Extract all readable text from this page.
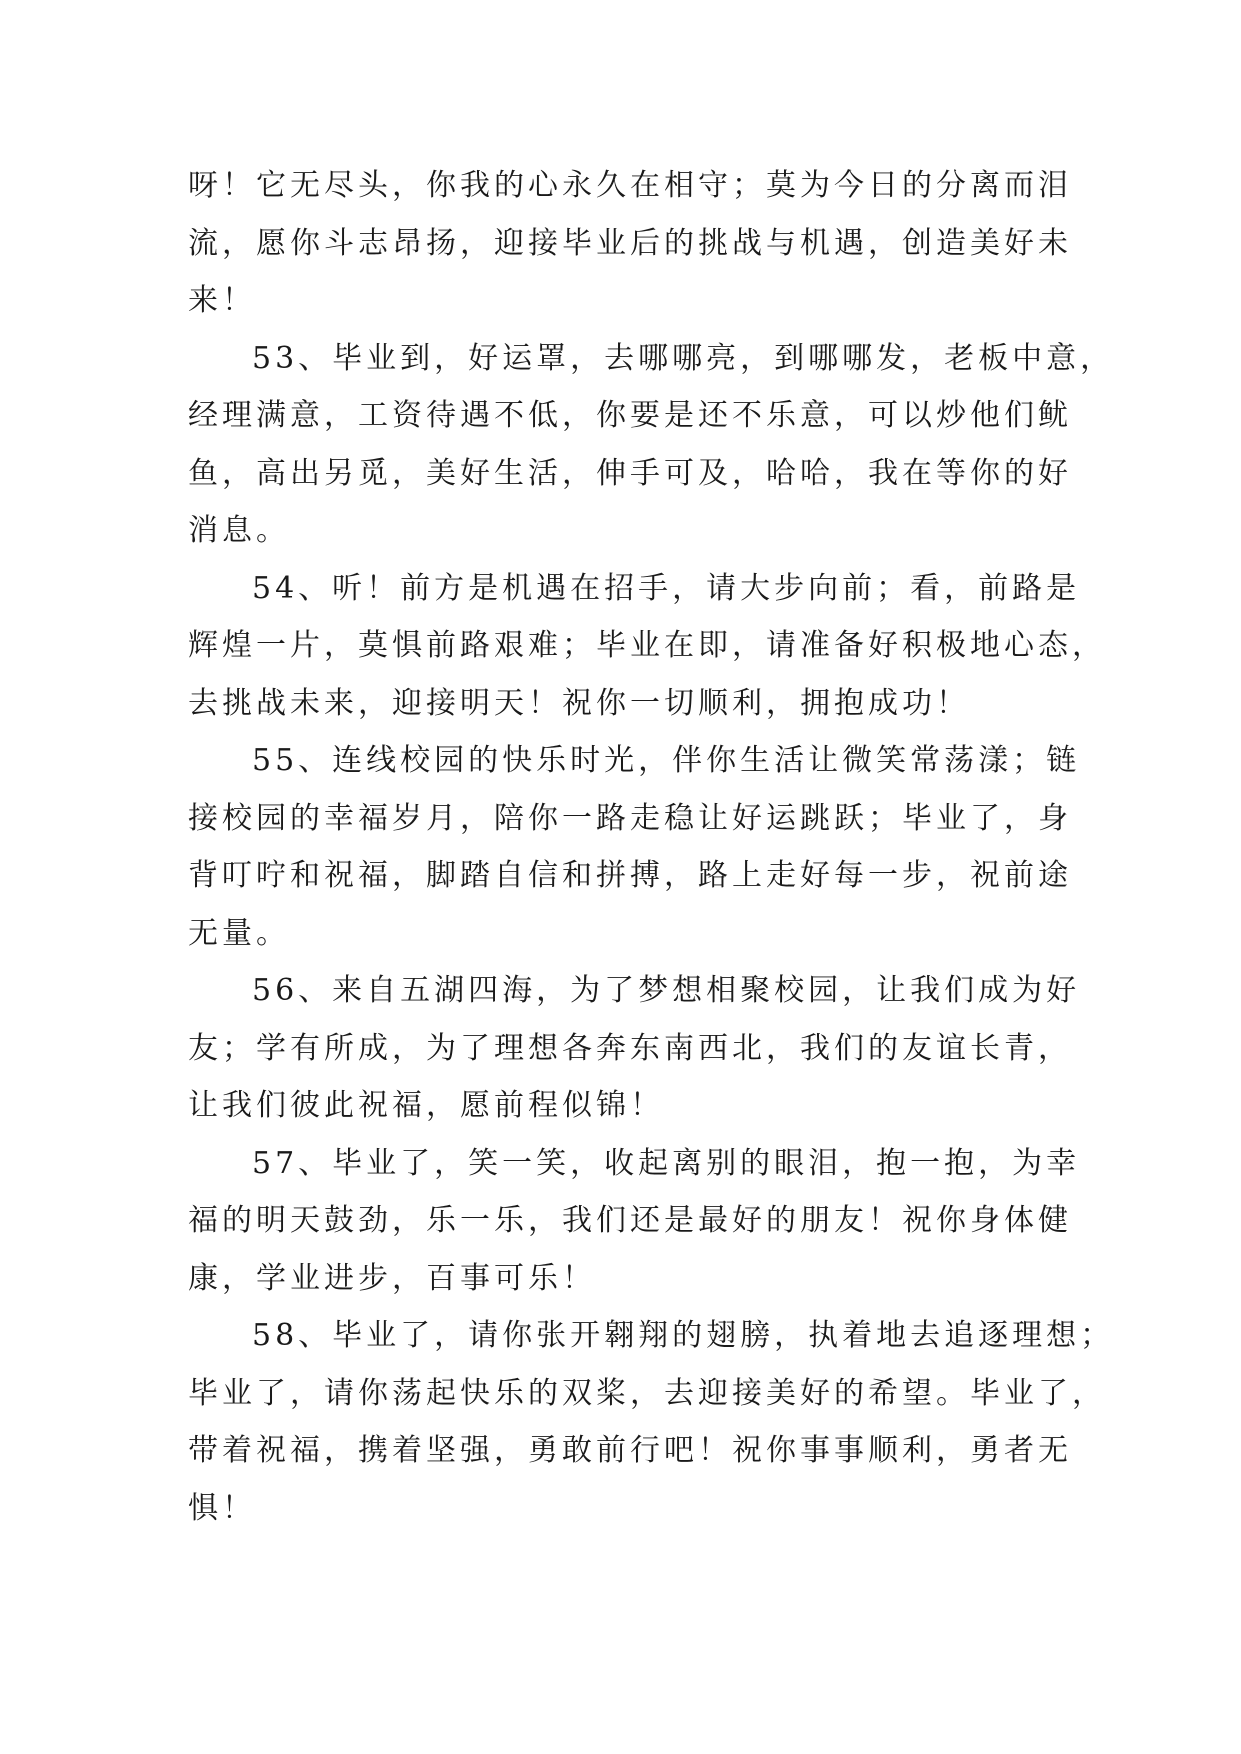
呀！它无尽头，你我的心永久在相守；莫为今日的分离而泪
流，愿你斗志昂扬，迎接毕业后的挑战与机遇，创造美好未
来！
53、毕业到，好运罩，去哪哪亮，到哪哪发，老板中意，
经理满意，工资待遇不低，你要是还不乐意，可以炒他们鱿
鱼，高出另觅，美好生活，伸手可及，哈哈，我在等你的好
消息。
54、听！前方是机遇在招手，请大步向前；看，前路是
辉煌一片，莫惧前路艰难；毕业在即，请准备好积极地心态，
去挑战未来，迎接明天！祝你一切顺利，拥抱成功！
55、连线校园的快乐时光，伴你生活让微笑常荡漾；链
接校园的幸福岁月，陪你一路走稳让好运跳跃；毕业了，身
背叮咛和祝福，脚踏自信和拼搏，路上走好每一步，祝前途
无量。
56、来自五湖四海，为了梦想相聚校园，让我们成为好
友；学有所成，为了理想各奔东南西北，我们的友谊长青，
让我们彼此祝福，愿前程似锦！
57、毕业了，笑一笑，收起离别的眼泪，抱一抱，为幸
福的明天鼓劲，乐一乐，我们还是最好的朋友！祝你身体健
康，学业进步，百事可乐！
58、毕业了，请你张开翱翔的翅膀，执着地去追逐理想；
毕业了，请你荡起快乐的双桨，去迎接美好的希望。毕业了，
带着祝福，携着坚强，勇敢前行吧！祝你事事顺利，勇者无
惧！
